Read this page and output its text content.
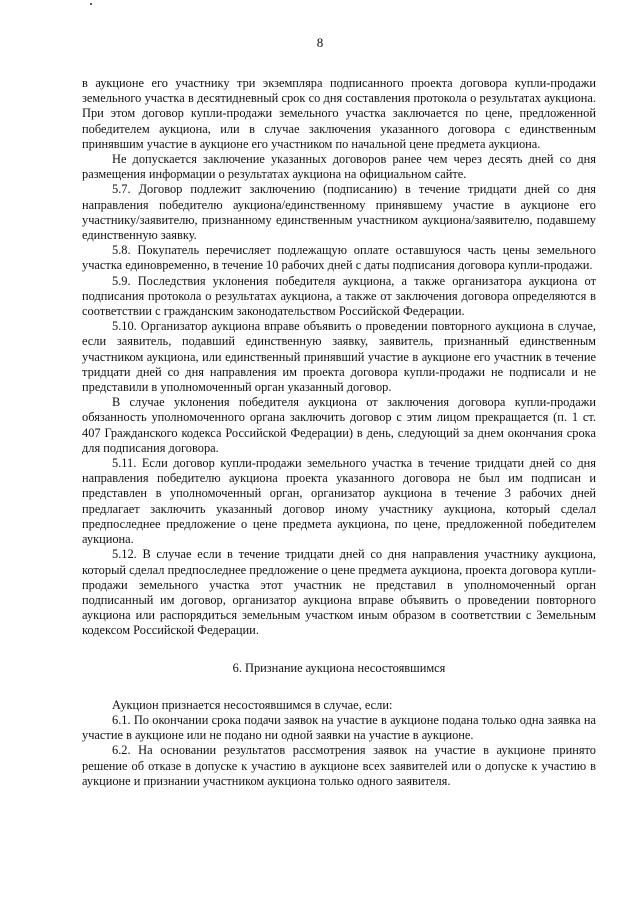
8

в аукционе его участнику три экземпляра подписанного проекта договора купли-продажи земельного участка в десятидневный срок со дня составления протокола о результатах аукциона. При этом договор купли-продажи земельного участка заключается по цене, предложенной победителем аукциона, или в случае заключения указанного договора с единственным принявшим участие в аукционе его участником по начальной цене предмета аукциона.

Не допускается заключение указанных договоров ранее чем через десять дней со дня размещения информации о результатах аукциона на официальном сайте.

5.7. Договор подлежит заключению (подписанию) в течение тридцати дней со дня направления победителю аукциона/единственному принявшему участие в аукционе его участнику/заявителю, признанному единственным участником аукциона/заявителю, подавшему единственную заявку.

5.8. Покупатель перечисляет подлежащую оплате оставшуюся часть цены земельного участка единовременно, в течение 10 рабочих дней с даты подписания договора купли-продажи.

5.9. Последствия уклонения победителя аукциона, а также организатора аукциона от подписания протокола о результатах аукциона, а также от заключения договора определяются в соответствии с гражданским законодательством Российской Федерации.

5.10. Организатор аукциона вправе объявить о проведении повторного аукциона в случае, если заявитель, подавший единственную заявку, заявитель, признанный единственным участником аукциона, или единственный принявший участие в аукционе его участник в течение тридцати дней со дня направления им проекта договора купли-продажи не подписали и не представили в уполномоченный орган указанный договор.

В случае уклонения победителя аукциона от заключения договора купли-продажи обязанность уполномоченного органа заключить договор с этим лицом прекращается (п. 1 ст. 407 Гражданского кодекса Российской Федерации) в день, следующий за днем окончания срока для подписания договора.

5.11. Если договор купли-продажи земельного участка в течение тридцати дней со дня направления победителю аукциона проекта указанного договора не был им подписан и представлен в уполномоченный орган, организатор аукциона в течение 3 рабочих дней предлагает заключить указанный договор иному участнику аукциона, который сделал предпоследнее предложение о цене предмета аукциона, по цене, предложенной победителем аукциона.

5.12. В случае если в течение тридцати дней со дня направления участнику аукциона, который сделал предпоследнее предложение о цене предмета аукциона, проекта договора купли-продажи земельного участка этот участник не представил в уполномоченный орган подписанный им договор, организатор аукциона вправе объявить о проведении повторного аукциона или распорядиться земельным участком иным образом в соответствии с Земельным кодексом Российской Федерации.

6. Признание аукциона несостоявшимся

Аукцион признается несостоявшимся в случае, если:

6.1. По окончании срока подачи заявок на участие в аукционе подана только одна заявка на участие в аукционе или не подано ни одной заявки на участие в аукционе.

6.2. На основании результатов рассмотрения заявок на участие в аукционе принято решение об отказе в допуске к участию в аукционе всех заявителей или о допуске к участию в аукционе и признании участником аукциона только одного заявителя.
